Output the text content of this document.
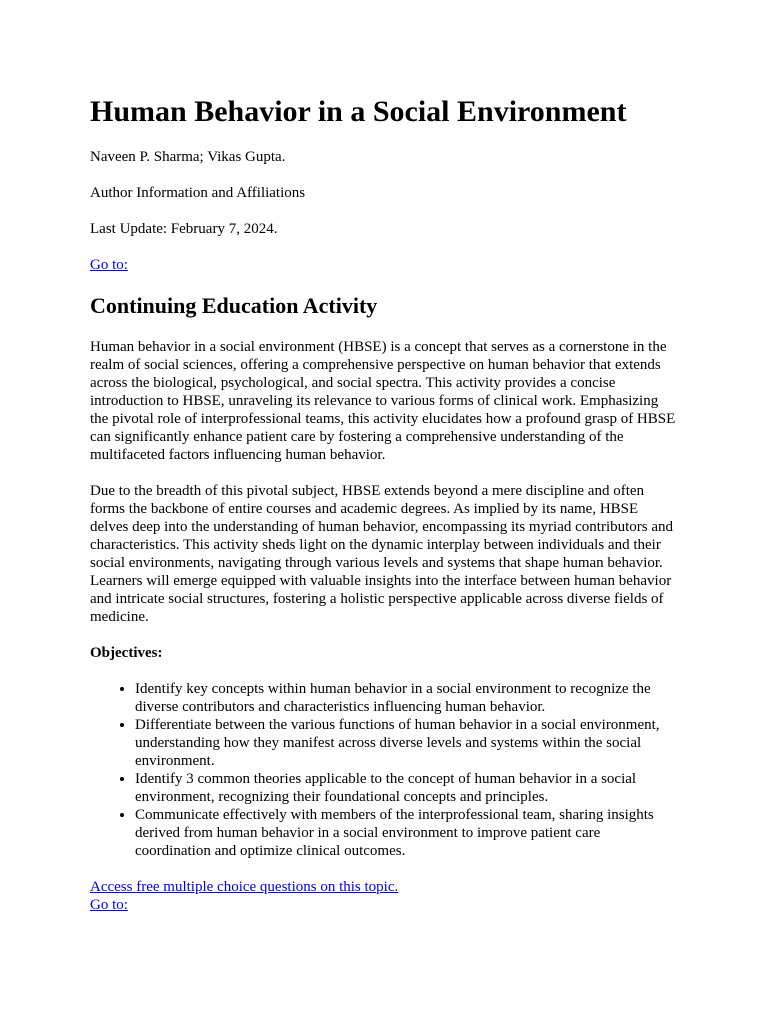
Human Behavior in a Social Environment

Naveen P. Sharma; Vikas Gupta.

Author Information and Affiliations

Last Update: February 7, 2024.

Go to:

Continuing Education Activity

Human behavior in a social environment (HBSE) is a concept that serves as a cornerstone in the realm of social sciences, offering a comprehensive perspective on human behavior that extends across the biological, psychological, and social spectra. This activity provides a concise introduction to HBSE, unraveling its relevance to various forms of clinical work. Emphasizing the pivotal role of interprofessional teams, this activity elucidates how a profound grasp of HBSE can significantly enhance patient care by fostering a comprehensive understanding of the multifaceted factors influencing human behavior.

Due to the breadth of this pivotal subject, HBSE extends beyond a mere discipline and often forms the backbone of entire courses and academic degrees. As implied by its name, HBSE delves deep into the understanding of human behavior, encompassing its myriad contributors and characteristics. This activity sheds light on the dynamic interplay between individuals and their social environments, navigating through various levels and systems that shape human behavior. Learners will emerge equipped with valuable insights into the interface between human behavior and intricate social structures, fostering a holistic perspective applicable across diverse fields of medicine.

Objectives:

• Identify key concepts within human behavior in a social environment to recognize the diverse contributors and characteristics influencing human behavior.
• Differentiate between the various functions of human behavior in a social environment, understanding how they manifest across diverse levels and systems within the social environment.
• Identify 3 common theories applicable to the concept of human behavior in a social environment, recognizing their foundational concepts and principles.
• Communicate effectively with members of the interprofessional team, sharing insights derived from human behavior in a social environment to improve patient care coordination and optimize clinical outcomes.
Access free multiple choice questions on this topic.
Go to:
